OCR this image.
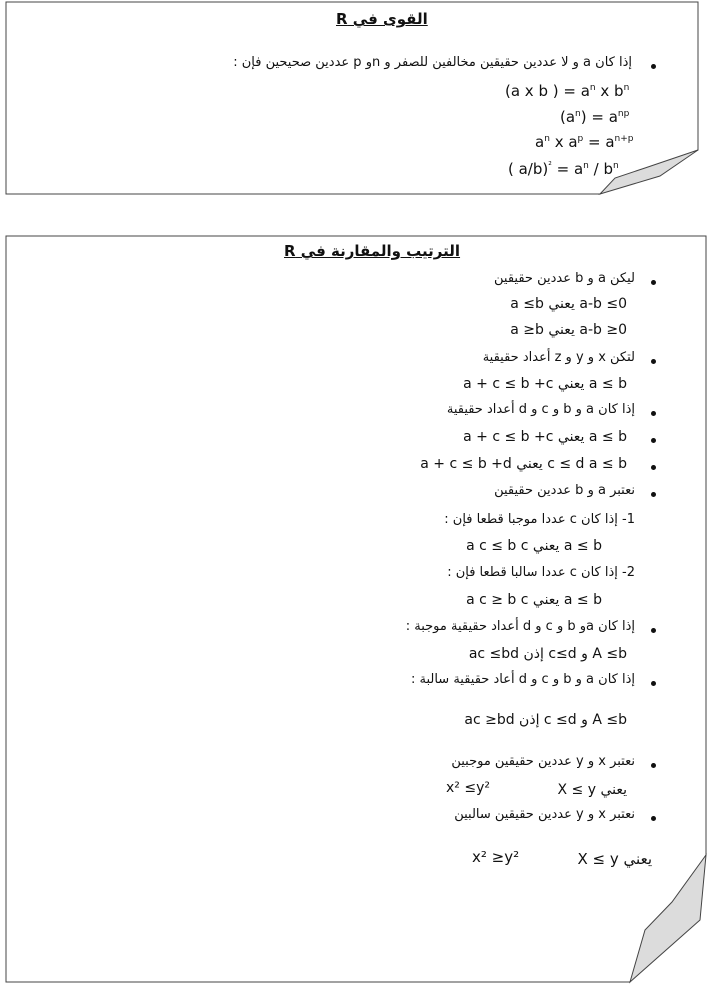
القوى في R
إذا كان a و لا عددين حقيقين مخالفين للصفر و nو p عددين صحيحين فإن :
(a x b ) = $a^n$ x $b^n$
$(a^n) = a^{np}$
$a^n$ x $a^p = a^{n+p}$
( $a/b)^{^2} = a^n / b^n$
الترتيب والمقارنة في R
ليكن a و b عددين حقيقين
a ≤b يعني a-b ≤0
a ≥b يعني a-b ≥0
لتكن x و y و z أعداد حقيقية
a + c ≤ b +c يعني a ≤ b
إذا كان a و b و c و d أعداد حقيقية
a + c ≤ b +c يعني a ≤ b
a + c ≤ b +d يعني c ≤ d a ≤ b
نعتبر a و b عددين حقيقين
1- إذا كان c عددا موجبا قطعا فإن :
a c ≤ b c يعني a ≤ b
2- إذا كان c عددا سالبا قطعا فإن :
a c ≥ b c يعني a ≤ b
إذا كان aو b و c و d أعداد حقيقية موجبة :
ac ≤bd إذن c≤d و A ≤b
إذا كان a و b و c و d أعاد حقيقية سالبة :
ac ≥bd إذن c ≤d و A ≤b
نعتبر x و y عددين حقيقين موجبين
x² ≤y²	يعني X ≤ y
نعتبر x و y عددين حقيقين سالبين
x² ≥y²	يعني X ≤ y
